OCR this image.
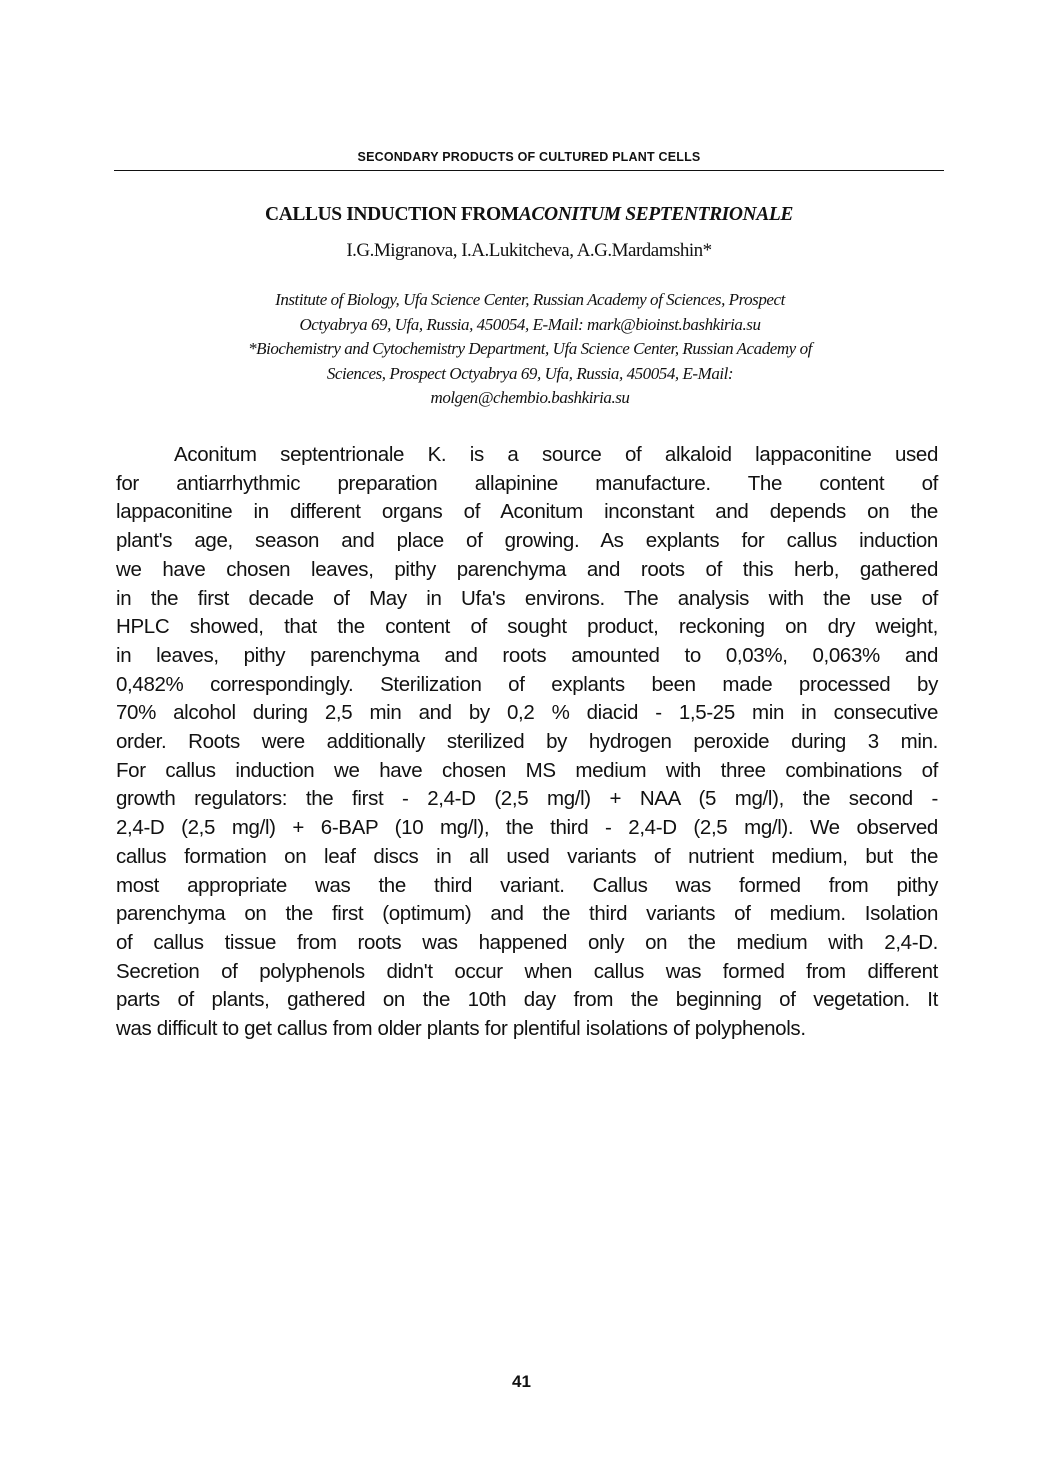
SECONDARY PRODUCTS OF CULTURED PLANT CELLS
CALLUS INDUCTION FROMACONITUM SEPTENTRIONALE
I.G.Migranova, I.A.Lukitcheva, A.G.Mardamshin*
Institute of Biology, Ufa Science Center, Russian Academy of Sciences, Prospect
Octyabrya 69, Ufa, Russia, 450054, E-Mail: mark@bioinst.bashkiria.su
*Biochemistry and Cytochemistry Department, Ufa Science Center, Russian Academy of
Sciences, Prospect Octyabrya 69, Ufa, Russia, 450054, E-Mail:
molgen@chembio.bashkiria.su
Aconitum septentrionale K. is a source of alkaloid lappaconitine used
for antiarrhythmic preparation allapinine manufacture. The content of
lappaconitine in different organs of Aconitum inconstant and depends on the
plant's age, season and place of growing. As explants for callus induction
we have chosen leaves, pithy parenchyma and roots of this herb, gathered
in the first decade of May in Ufa's environs. The analysis with the use of
HPLC showed, that the content of sought product, reckoning on dry weight,
in leaves, pithy parenchyma and roots amounted to 0,03%, 0,063% and
0,482% correspondingly. Sterilization of explants been made processed by
70% alcohol during 2,5 min and by 0,2 % diacid - 1,5-25 min in consecutive
order. Roots were additionally sterilized by hydrogen peroxide during 3 min.
For callus induction we have chosen MS medium with three combinations of
growth regulators: the first - 2,4-D (2,5 mg/l) + NAA (5 mg/l), the second -
2,4-D (2,5 mg/l) + 6-BAP (10 mg/l), the third - 2,4-D (2,5 mg/l). We observed
callus formation on leaf discs in all used variants of nutrient medium, but the
most appropriate was the third variant. Callus was formed from pithy
parenchyma on the first (optimum) and the third variants of medium. Isolation
of callus tissue from roots was happened only on the medium with 2,4-D.
Secretion of polyphenols didn't occur when callus was formed from different
parts of plants, gathered on the 10th day from the beginning of vegetation. It
was difficult to get callus from older plants for plentiful isolations of polyphenols.
41
